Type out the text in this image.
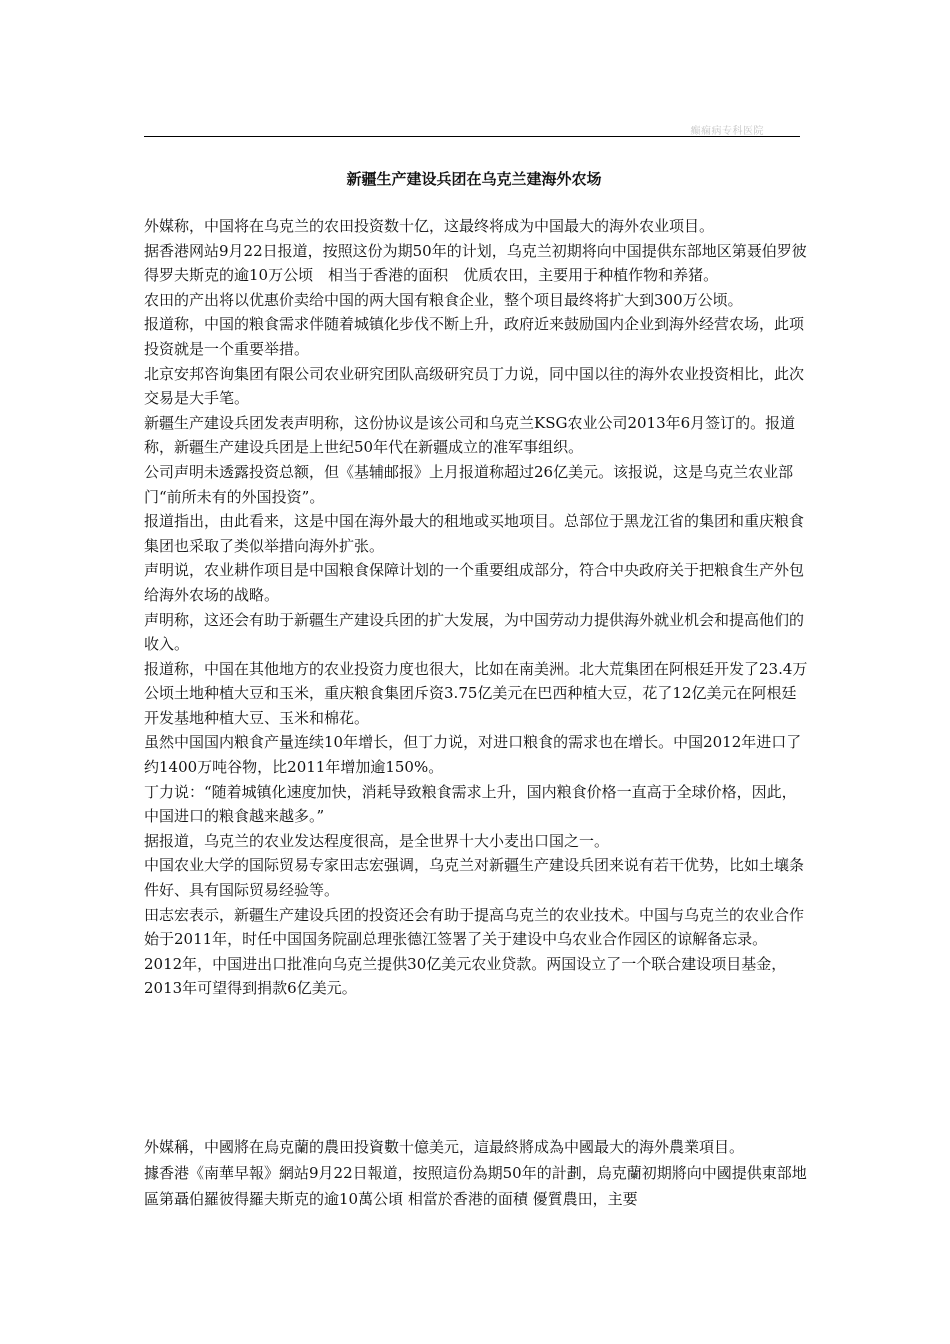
癫痫病专科医院
新疆生产建设兵团在乌克兰建海外农场

外媒称，中国将在乌克兰的农田投资数十亿，这最终将成为中国最大的海外农业项目。

据香港网站9月22日报道，按照这份为期50年的计划，乌克兰初期将向中国提供东部地区第聂伯罗彼得罗夫斯克的逾10万公顷　相当于香港的面积　优质农田，主要用于种植作物和养猪。

农田的产出将以优惠价卖给中国的两大国有粮食企业，整个项目最终将扩大到300万公顷。

报道称，中国的粮食需求伴随着城镇化步伐不断上升，政府近来鼓励国内企业到海外经营农场，此项投资就是一个重要举措。

北京安邦咨询集团有限公司农业研究团队高级研究员丁力说，同中国以往的海外农业投资相比，此次交易是大手笔。

新疆生产建设兵团发表声明称，这份协议是该公司和乌克兰KSG农业公司2013年6月签订的。报道称，新疆生产建设兵团是上世纪50年代在新疆成立的准军事组织。

公司声明未透露投资总额，但《基辅邮报》上月报道称超过26亿美元。该报说，这是乌克兰农业部门“前所未有的外国投资”。

报道指出，由此看来，这是中国在海外最大的租地或买地项目。总部位于黑龙江省的集团和重庆粮食集团也采取了类似举措向海外扩张。

声明说，农业耕作项目是中国粮食保障计划的一个重要组成部分，符合中央政府关于把粮食生产外包给海外农场的战略。

声明称，这还会有助于新疆生产建设兵团的扩大发展，为中国劳动力提供海外就业机会和提高他们的收入。

报道称，中国在其他地方的农业投资力度也很大，比如在南美洲。北大荒集团在阿根廷开发了23.4万公顷土地种植大豆和玉米，重庆粮食集团斥资3.75亿美元在巴西种植大豆，花了12亿美元在阿根廷开发基地种植大豆、玉米和棉花。

虽然中国国内粮食产量连续10年增长，但丁力说，对进口粮食的需求也在增长。中国2012年进口了约1400万吨谷物，比2011年增加逾150%。

丁力说：“随着城镇化速度加快，消耗导致粮食需求上升，国内粮食价格一直高于全球价格，因此，中国进口的粮食越来越多。”

据报道，乌克兰的农业发达程度很高，是全世界十大小麦出口国之一。

中国农业大学的国际贸易专家田志宏强调，乌克兰对新疆生产建设兵团来说有若干优势，比如土壤条件好、具有国际贸易经验等。

田志宏表示，新疆生产建设兵团的投资还会有助于提高乌克兰的农业技术。中国与乌克兰的农业合作始于2011年，时任中国国务院副总理张德江签署了关于建设中乌农业合作园区的谅解备忘录。

2012年，中国进出口批准向乌克兰提供30亿美元农业贷款。两国设立了一个联合建设项目基金，2013年可望得到捐款6亿美元。

外媒稱，中國將在烏克蘭的農田投資數十億美元，這最終將成為中國最大的海外農業項目。

據香港《南華早報》網站9月22日報道，按照這份為期50年的計劃，烏克蘭初期將向中國提供東部地區第聶伯羅彼得羅夫斯克的逾10萬公頃 相當於香港的面積 優質農田，主要
